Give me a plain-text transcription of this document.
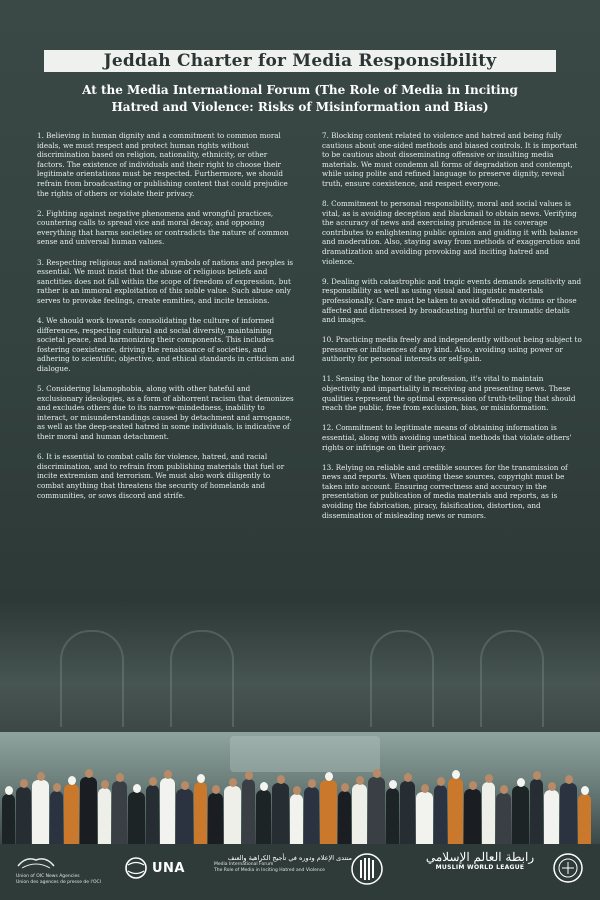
Jeddah Charter for Media Responsibility
At the Media International Forum (The Role of Media in Inciting
Hatred and Violence: Risks of Misinformation and Bias)

1. Believing in human dignity and a commitment to common moral ideals, we must respect and protect human rights without discrimination based on religion, nationality, ethnicity, or other factors. The existence of individuals and their right to choose their legitimate orientations must be respected. Furthermore, we should refrain from broadcasting or publishing content that could prejudice the rights of others or violate their privacy.

2. Fighting against negative phenomena and wrongful practices, countering calls to spread vice and moral decay, and opposing everything that harms societies or contradicts the nature of common sense and universal human values.

3. Respecting religious and national symbols of nations and peoples is essential. We must insist that the abuse of religious beliefs and sanctities does not fall within the scope of freedom of expression, but rather is an immoral exploitation of this noble value. Such abuse only serves to provoke feelings, create enmities, and incite tensions.

4. We should work towards consolidating the culture of informed differences, respecting cultural and social diversity, maintaining societal peace, and harmonizing their components. This includes fostering coexistence, driving the renaissance of societies, and adhering to scientific, objective, and ethical standards in criticism and dialogue.

5. Considering Islamophobia, along with other hateful and exclusionary ideologies, as a form of abhorrent racism that demonizes and excludes others due to its narrow-mindedness, inability to interact, or misunderstandings caused by detachment and arrogance, as well as the deep-seated hatred in some individuals, is indicative of their moral and human detachment.

6. It is essential to combat calls for violence, hatred, and racial discrimination, and to refrain from publishing materials that fuel or incite extremism and terrorism. We must also work diligently to combat anything that threatens the security of homelands and communities, or sows discord and strife.

7. Blocking content related to violence and hatred and being fully cautious about one-sided methods and biased controls. It is important to be cautious about disseminating offensive or insulting media materials. We must condemn all forms of degradation and contempt, while using polite and refined language to preserve dignity, reveal truth, ensure coexistence, and respect everyone.

8. Commitment to personal responsibility, moral and social values is vital, as is avoiding deception and blackmail to obtain news. Verifying the accuracy of news and exercising prudence in its coverage contributes to enlightening public opinion and guiding it with balance and moderation. Also, staying away from methods of exaggeration and dramatization and avoiding provoking and inciting hatred and violence.

9. Dealing with catastrophic and tragic events demands sensitivity and responsibility as well as using visual and linguistic materials professionally. Care must be taken to avoid offending victims or those affected and distressed by broadcasting hurtful or traumatic details and images.

10. Practicing media freely and independently without being subject to pressures or influences of any kind. Also, avoiding using power or authority for personal interests or self-gain.

11. Sensing the honor of the profession, it's vital to maintain objectivity and impartiality in receiving and presenting news. These qualities represent the optimal expression of truth-telling that should reach the public, free from exclusion, bias, or misinformation.

12. Commitment to legitimate means of obtaining information is essential, along with avoiding unethical methods that violate others' rights or infringe on their privacy.

13. Relying on reliable and credible sources for the transmission of news and reports. When quoting these sources, copyright must be taken into account. Ensuring correctness and accuracy in the presentation or publication of media materials and reports, as is avoiding the fabrication, piracy, falsification, distortion, and dissemination of misleading news or rumors.

Union of OIC News Agencies
Union des agences de presse de l'OCI
UNA
منتدى الإعلام ودوره في تأجيج الكراهية والعنف
Media International Forum
The Role of Media in Inciting Hatred and Violence
رابطة العالم الإسلامي
MUSLIM WORLD LEAGUE
